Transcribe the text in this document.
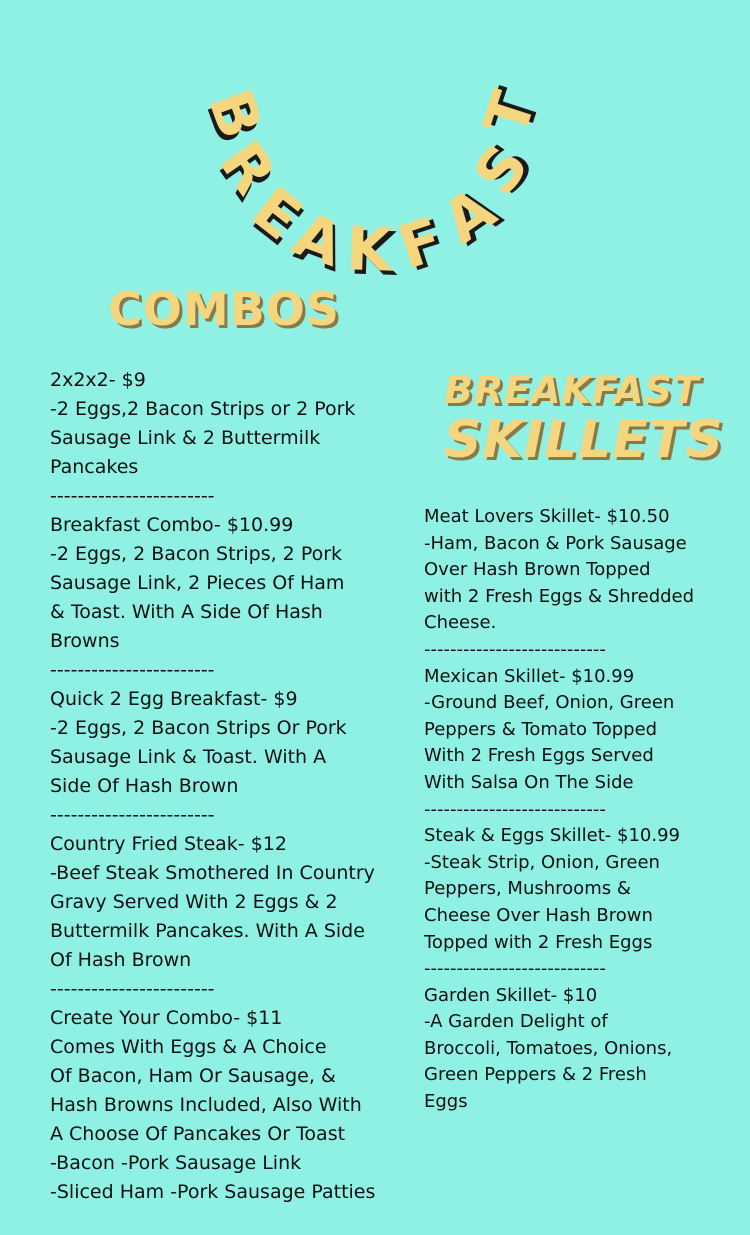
B
R
E
A
K
F
A
S
T
COMBOS
BREAKFAST
SKILLETS
2x2x2- $9
-2 Eggs,2 Bacon Strips or 2 Pork
Sausage Link & 2 Buttermilk
Pancakes
------------------------
Breakfast Combo- $10.99
-2 Eggs, 2 Bacon Strips, 2 Pork
Sausage Link, 2 Pieces Of Ham
& Toast. With A Side Of Hash
Browns
------------------------
Quick 2 Egg Breakfast- $9
-2 Eggs, 2 Bacon Strips Or Pork
Sausage Link & Toast. With A
Side Of Hash Brown
------------------------
Country Fried Steak- $12
-Beef Steak Smothered In Country
Gravy Served With 2 Eggs & 2
Buttermilk Pancakes. With A Side
Of Hash Brown
------------------------
Create Your Combo- $11
Comes With Eggs & A Choice
Of Bacon, Ham Or Sausage, &
Hash Browns Included, Also With
A Choose Of Pancakes Or Toast
-Bacon -Pork Sausage Link
-Sliced Ham -Pork Sausage Patties
Meat Lovers Skillet- $10.50
-Ham, Bacon & Pork Sausage
Over Hash Brown Topped
with 2 Fresh Eggs & Shredded
Cheese.
----------------------------
Mexican Skillet- $10.99
-Ground Beef, Onion, Green
Peppers & Tomato Topped
With 2 Fresh Eggs Served
With Salsa On The Side
----------------------------
Steak & Eggs Skillet- $10.99
-Steak Strip, Onion, Green
Peppers, Mushrooms &
Cheese Over Hash Brown
Topped with 2 Fresh Eggs
----------------------------
Garden Skillet- $10
-A Garden Delight of
Broccoli, Tomatoes, Onions,
Green Peppers & 2 Fresh
Eggs
